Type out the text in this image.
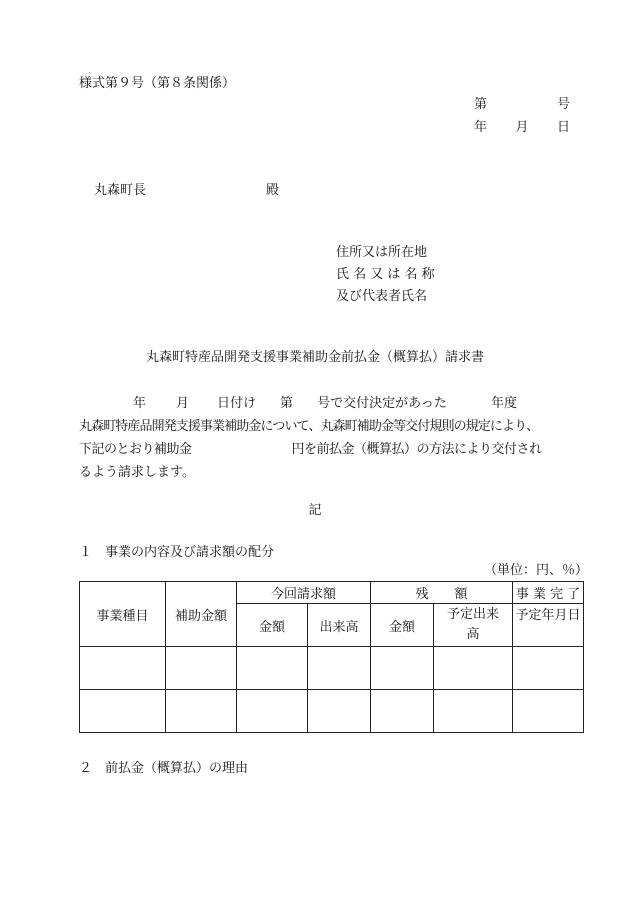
様式第９号（第８条関係）
第	号
年 月 日
丸森町長	殿
住所又は所在地
氏 名 又 は 名 称
及び代表者氏名
丸森町特産品開発支援事業補助金前払金（概算払）請求書
年 月 日付け 第 号で交付決定があった	年度
丸森町特産品開発支援事業補助金について、丸森町補助金等交付規則の規定により、
下記のとおり補助金　　　　　　　　円を前払金（概算払）の方法により交付され
るよう請求します。
記
１　事業の内容及び請求額の配分
（単位：円、％）
事業種目	補助金額	今回請求額		残　　額		事 業 完 了
		金額	出来高	金額	予定出来高	予定年月日

２　前払金（概算払）の理由
